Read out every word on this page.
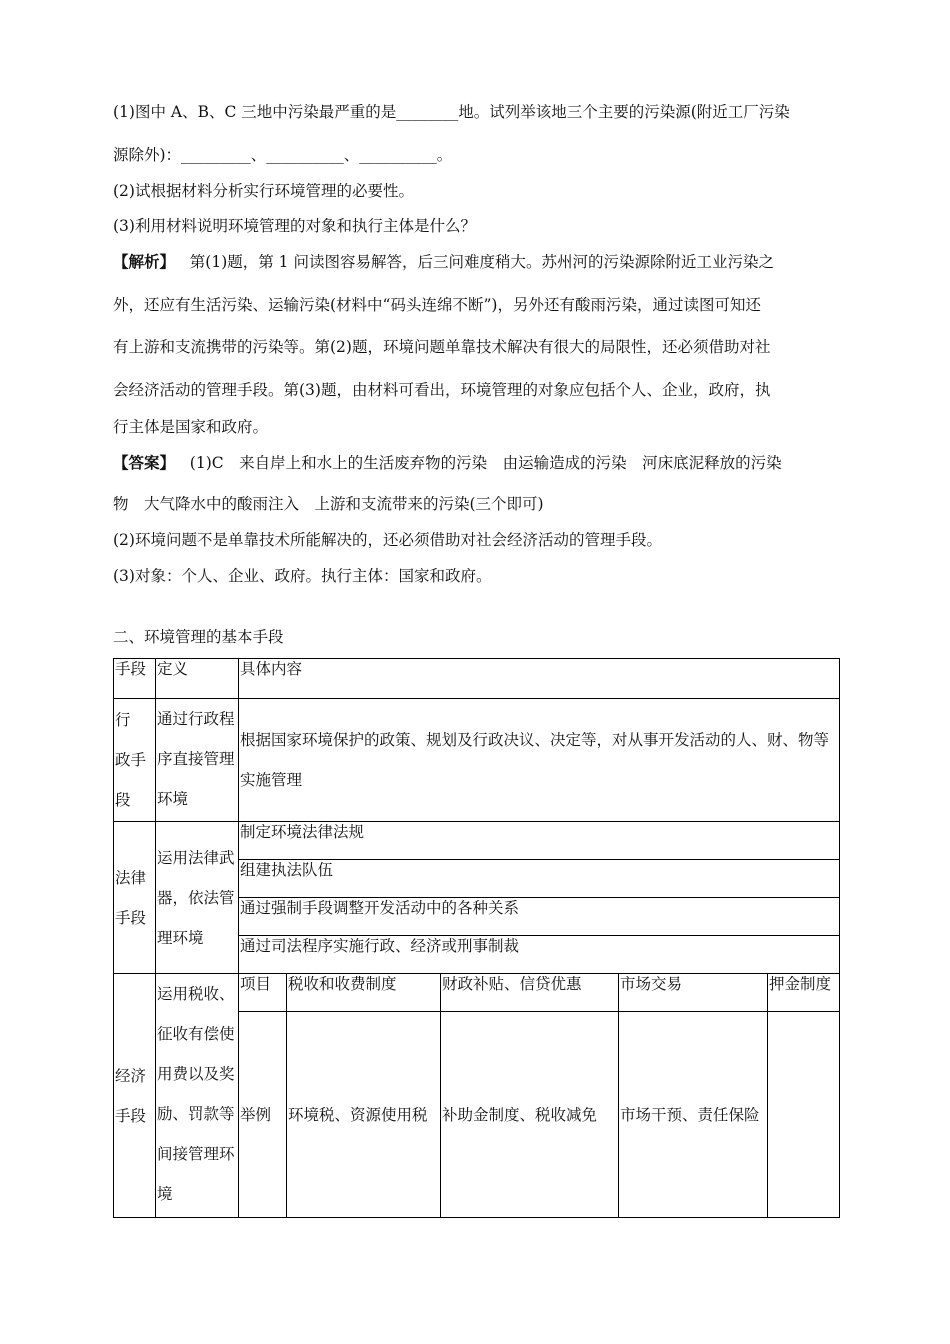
(1)图中 A、B、C 三地中污染最严重的是________地。试列举该地三个主要的污染源(附近工厂污染
源除外)：_________、__________、__________。
(2)试根据材料分析实行环境管理的必要性。
(3)利用材料说明环境管理的对象和执行主体是什么？
【解析】 第(1)题，第 1 问读图容易解答，后三问难度稍大。苏州河的污染源除附近工业污染之
外，还应有生活污染、运输污染(材料中“码头连绵不断”)，另外还有酸雨污染，通过读图可知还
有上游和支流携带的污染等。第(2)题，环境问题单靠技术解决有很大的局限性，还必须借助对社
会经济活动的管理手段。第(3)题，由材料可看出，环境管理的对象应包括个人、企业，政府，执
行主体是国家和政府。
【答案】 (1)C　来自岸上和水上的生活废弃物的污染　由运输造成的污染　河床底泥释放的污染
物　大气降水中的酸雨注入　上游和支流带来的污染(三个即可)
(2)环境问题不是单靠技术所能解决的，还必须借助对社会经济活动的管理手段。
(3)对象：个人、企业、政府。执行主体：国家和政府。
二、环境管理的基本手段
手段	定义	具体内容				
行　政手段	通过行政程序直接管理环境	根据国家环境保护的政策、规划及行政决议、决定等，对从事开发活动的人、财、物等实施管理				
法律手段	运用法律武器，依法管理环境	制定环境法律法规				
		组建执法队伍				
		通过强制手段调整开发活动中的各种关系				
		通过司法程序实施行政、经济或刑事制裁				
经济手段	运用税收、征收有偿使用费以及奖励、罚款等间接管理环境	项目	税收和收费制度	财政补贴、信贷优惠	市场交易	押金制度
		举例	环境税、资源使用税	补助金制度、税收减免	市场干预、责任保险	
